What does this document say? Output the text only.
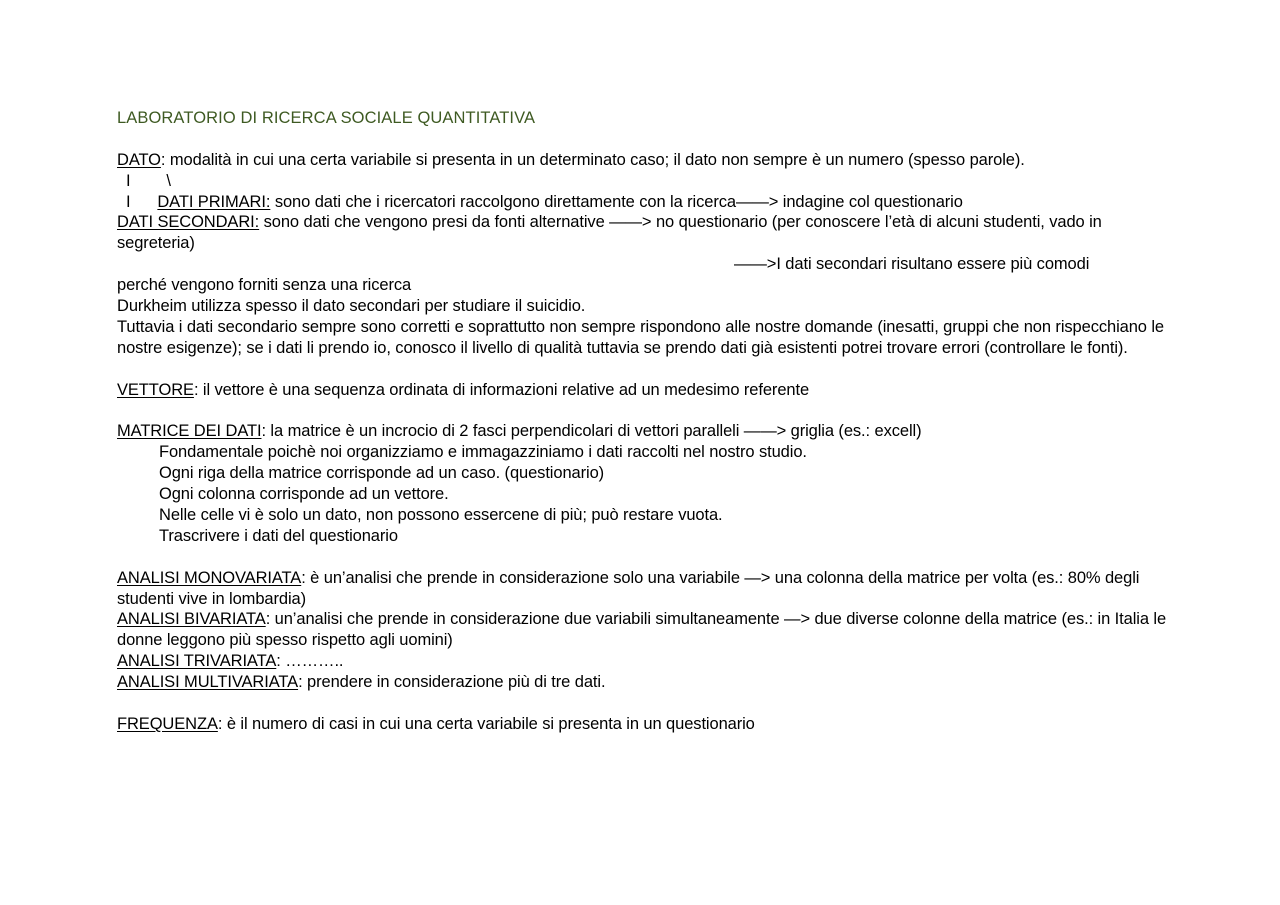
LABORATORIO DI RICERCA SOCIALE QUANTITATIVA
DATO: modalità in cui una certa variabile si presenta in un determinato caso; il dato non sempre è un numero (spesso parole).
I        \
I      DATI PRIMARI: sono dati che i ricercatori raccolgono direttamente con la ricerca——> indagine col questionario
DATI SECONDARI: sono dati che vengono presi da fonti alternative ——> no questionario (per conoscere l’età di alcuni studenti, vado in segreteria)
——>I dati secondari risultano essere più comodi
perché vengono forniti senza una ricerca
Durkheim utilizza spesso il dato secondari per studiare il suicidio.
Tuttavia i dati secondario sempre sono corretti e soprattutto non sempre rispondono alle nostre domande (inesatti, gruppi che non rispecchiano le nostre esigenze); se i dati li prendo io, conosco il livello di qualità tuttavia se prendo dati già esistenti potrei trovare errori (controllare le fonti).
VETTORE: il vettore è una sequenza ordinata di informazioni relative ad un medesimo referente
MATRICE DEI DATI: la matrice è un incrocio di 2 fasci perpendicolari di vettori paralleli ——> griglia (es.: excell)
Fondamentale poichè noi organizziamo e immagazziniamo i dati raccolti nel nostro studio.
Ogni riga della matrice corrisponde ad un caso. (questionario)
Ogni colonna corrisponde ad un vettore.
Nelle celle vi è solo un dato, non possono essercene di più; può restare vuota.
Trascrivere i dati del questionario
ANALISI MONOVARIATA: è un’analisi che prende in considerazione solo una variabile —> una colonna della matrice per volta (es.: 80% degli studenti vive in lombardia)
ANALISI BIVARIATA: un’analisi che prende in considerazione due variabili simultaneamente —> due diverse colonne della matrice (es.: in Italia le donne leggono più spesso rispetto agli uomini)
ANALISI TRIVARIATA: ………..
ANALISI MULTIVARIATA: prendere in considerazione più di tre dati.
FREQUENZA: è il numero di casi in cui una certa variabile si presenta in un questionario
